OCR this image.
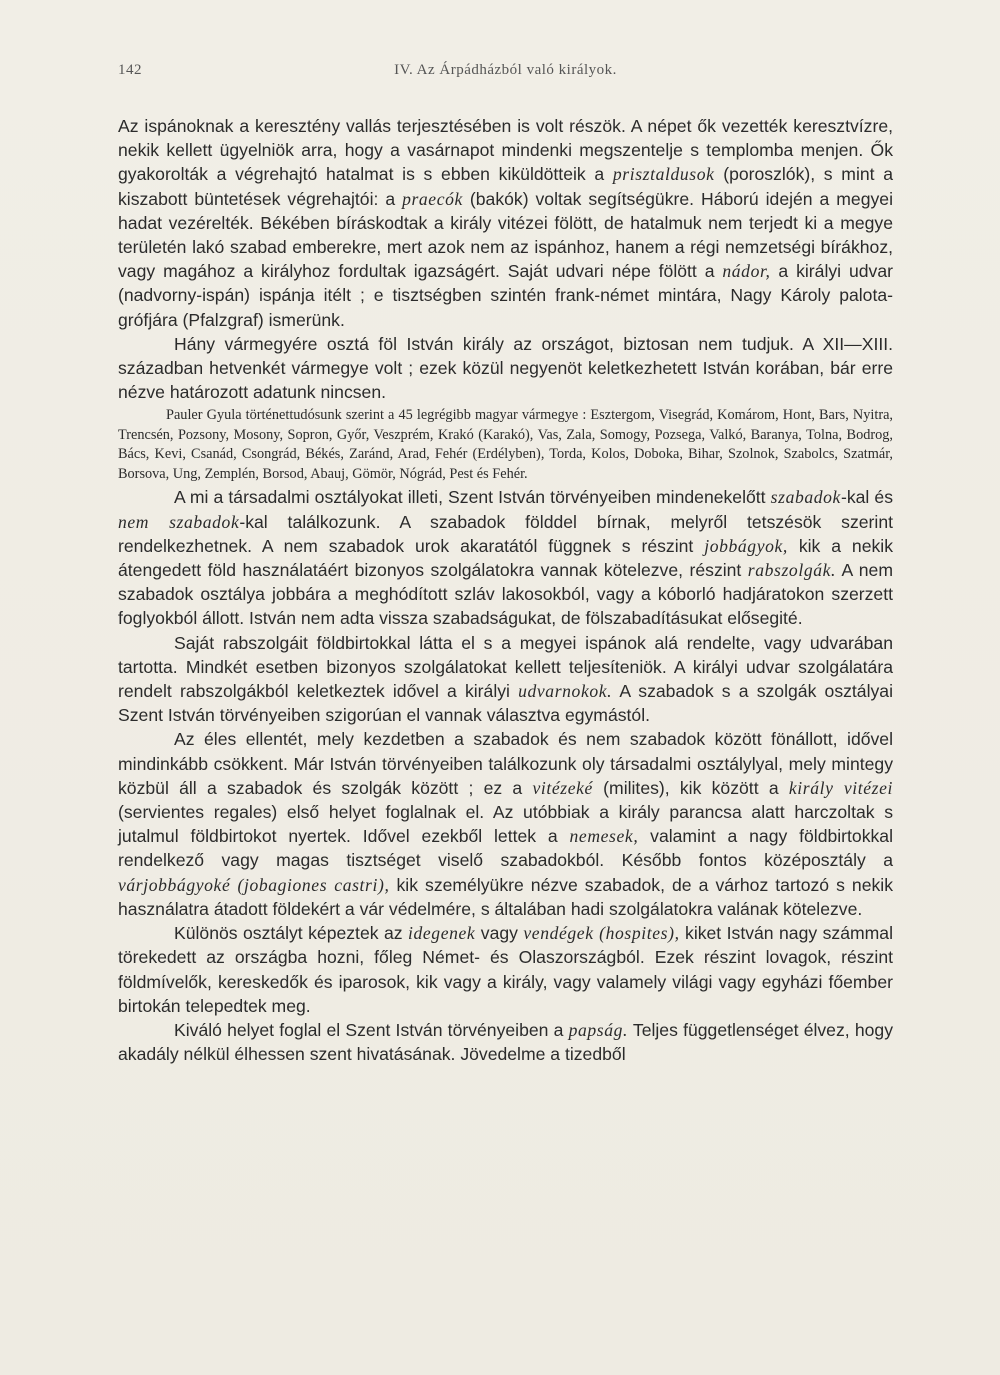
142	IV. Az Árpádházból való királyok.

Az ispánoknak a keresztény vallás terjesztésében is volt részök. A népet ők vezették keresztvízre, nekik kellett ügyelniök arra, hogy a vasárnapot mindenki megszentelje s templomba menjen. Ők gyakorolták a végrehajtó hatalmat is s ebben kiküldötteik a prisztaldusok (poroszlók), s mint a kiszabott büntetések végrehajtói: a praecók (bakók) voltak segítségükre. Háború idején a megyei hadat vezérelték. Békében bíráskodtak a király vitézei fölött, de hatalmuk nem terjedt ki a megye területén lakó szabad emberekre, mert azok nem az ispánhoz, hanem a régi nemzetségi bírákhoz, vagy magához a királyhoz fordultak igazságért. Saját udvari népe fölött a nádor, a királyi udvar (nadvorny-ispán) ispánja itélt ; e tisztségben szintén frank-német mintára, Nagy Károly palota-grófjára (Pfalzgraf) ismerünk.

Hány vármegyére osztá föl István király az országot, biztosan nem tudjuk. A XII—XIII. században hetvenkét vármegye volt ; ezek közül negyenöt keletkezhetett István korában, bár erre nézve határozott adatunk nincsen.

Pauler Gyula történettudósunk szerint a 45 legrégibb magyar vármegye : Esztergom, Visegrád, Komárom, Hont, Bars, Nyitra, Trencsén, Pozsony, Mosony, Sopron, Győr, Veszprém, Krakó (Karakó), Vas, Zala, Somogy, Pozsega, Valkó, Baranya, Tolna, Bodrog, Bács, Kevi, Csanád, Csongrád, Békés, Zaránd, Arad, Fehér (Erdélyben), Torda, Kolos, Doboka, Bihar, Szolnok, Szabolcs, Szatmár, Borsova, Ung, Zemplén, Borsod, Abauj, Gömör, Nógrád, Pest és Fehér.

A mi a társadalmi osztályokat illeti, Szent István törvényeiben mindenekelőtt szabadok-kal és nem szabadok-kal találkozunk. A szabadok földdel bírnak, melyről tetszésök szerint rendelkezhetnek. A nem szabadok urok akaratától függnek s részint jobbágyok, kik a nekik átengedett föld használatáért bizonyos szolgálatokra vannak kötelezve, részint rabszolgák. A nem szabadok osztálya jobbára a meghódított szláv lakosokból, vagy a kóborló hadjáratokon szerzett foglyokból állott. István nem adta vissza szabadságukat, de fölszabadításukat elősegité.

Saját rabszolgáit földbirtokkal látta el s a megyei ispánok alá rendelte, vagy udvarában tartotta. Mindkét esetben bizonyos szolgálatokat kellett teljesíteniök. A királyi udvar szolgálatára rendelt rabszolgákból keletkeztek idővel a királyi udvarnokok. A szabadok s a szolgák osztályai Szent István törvényeiben szigorúan el vannak választva egymástól.

Az éles ellentét, mely kezdetben a szabadok és nem szabadok között fönállott, idővel mindinkább csökkent. Már István törvényeiben találkozunk oly társadalmi osztálylyal, mely mintegy közbül áll a szabadok és szolgák között ; ez a vitézeké (milites), kik között a király vitézei (servientes regales) első helyet foglalnak el. Az utóbbiak a király parancsa alatt harczoltak s jutalmul földbirtokot nyertek. Idővel ezekből lettek a nemesek, valamint a nagy földbirtokkal rendelkező vagy magas tisztséget viselő szabadokból. Később fontos középosztály a várjobbágyoké (jobagiones castri), kik személyükre nézve szabadok, de a várhoz tartozó s nekik használatra átadott földekért a vár védelmére, s általában hadi szolgálatokra valának kötelezve.

Különös osztályt képeztek az idegenek vagy vendégek (hospites), kiket István nagy számmal törekedett az országba hozni, főleg Német- és Olaszországból. Ezek részint lovagok, részint földmívelők, kereskedők és iparosok, kik vagy a király, vagy valamely világi vagy egyházi főember birtokán telepedtek meg.

Kiváló helyet foglal el Szent István törvényeiben a papság. Teljes függetlenséget élvez, hogy akadály nélkül élhessen szent hivatásának. Jövedelme a tizedből
